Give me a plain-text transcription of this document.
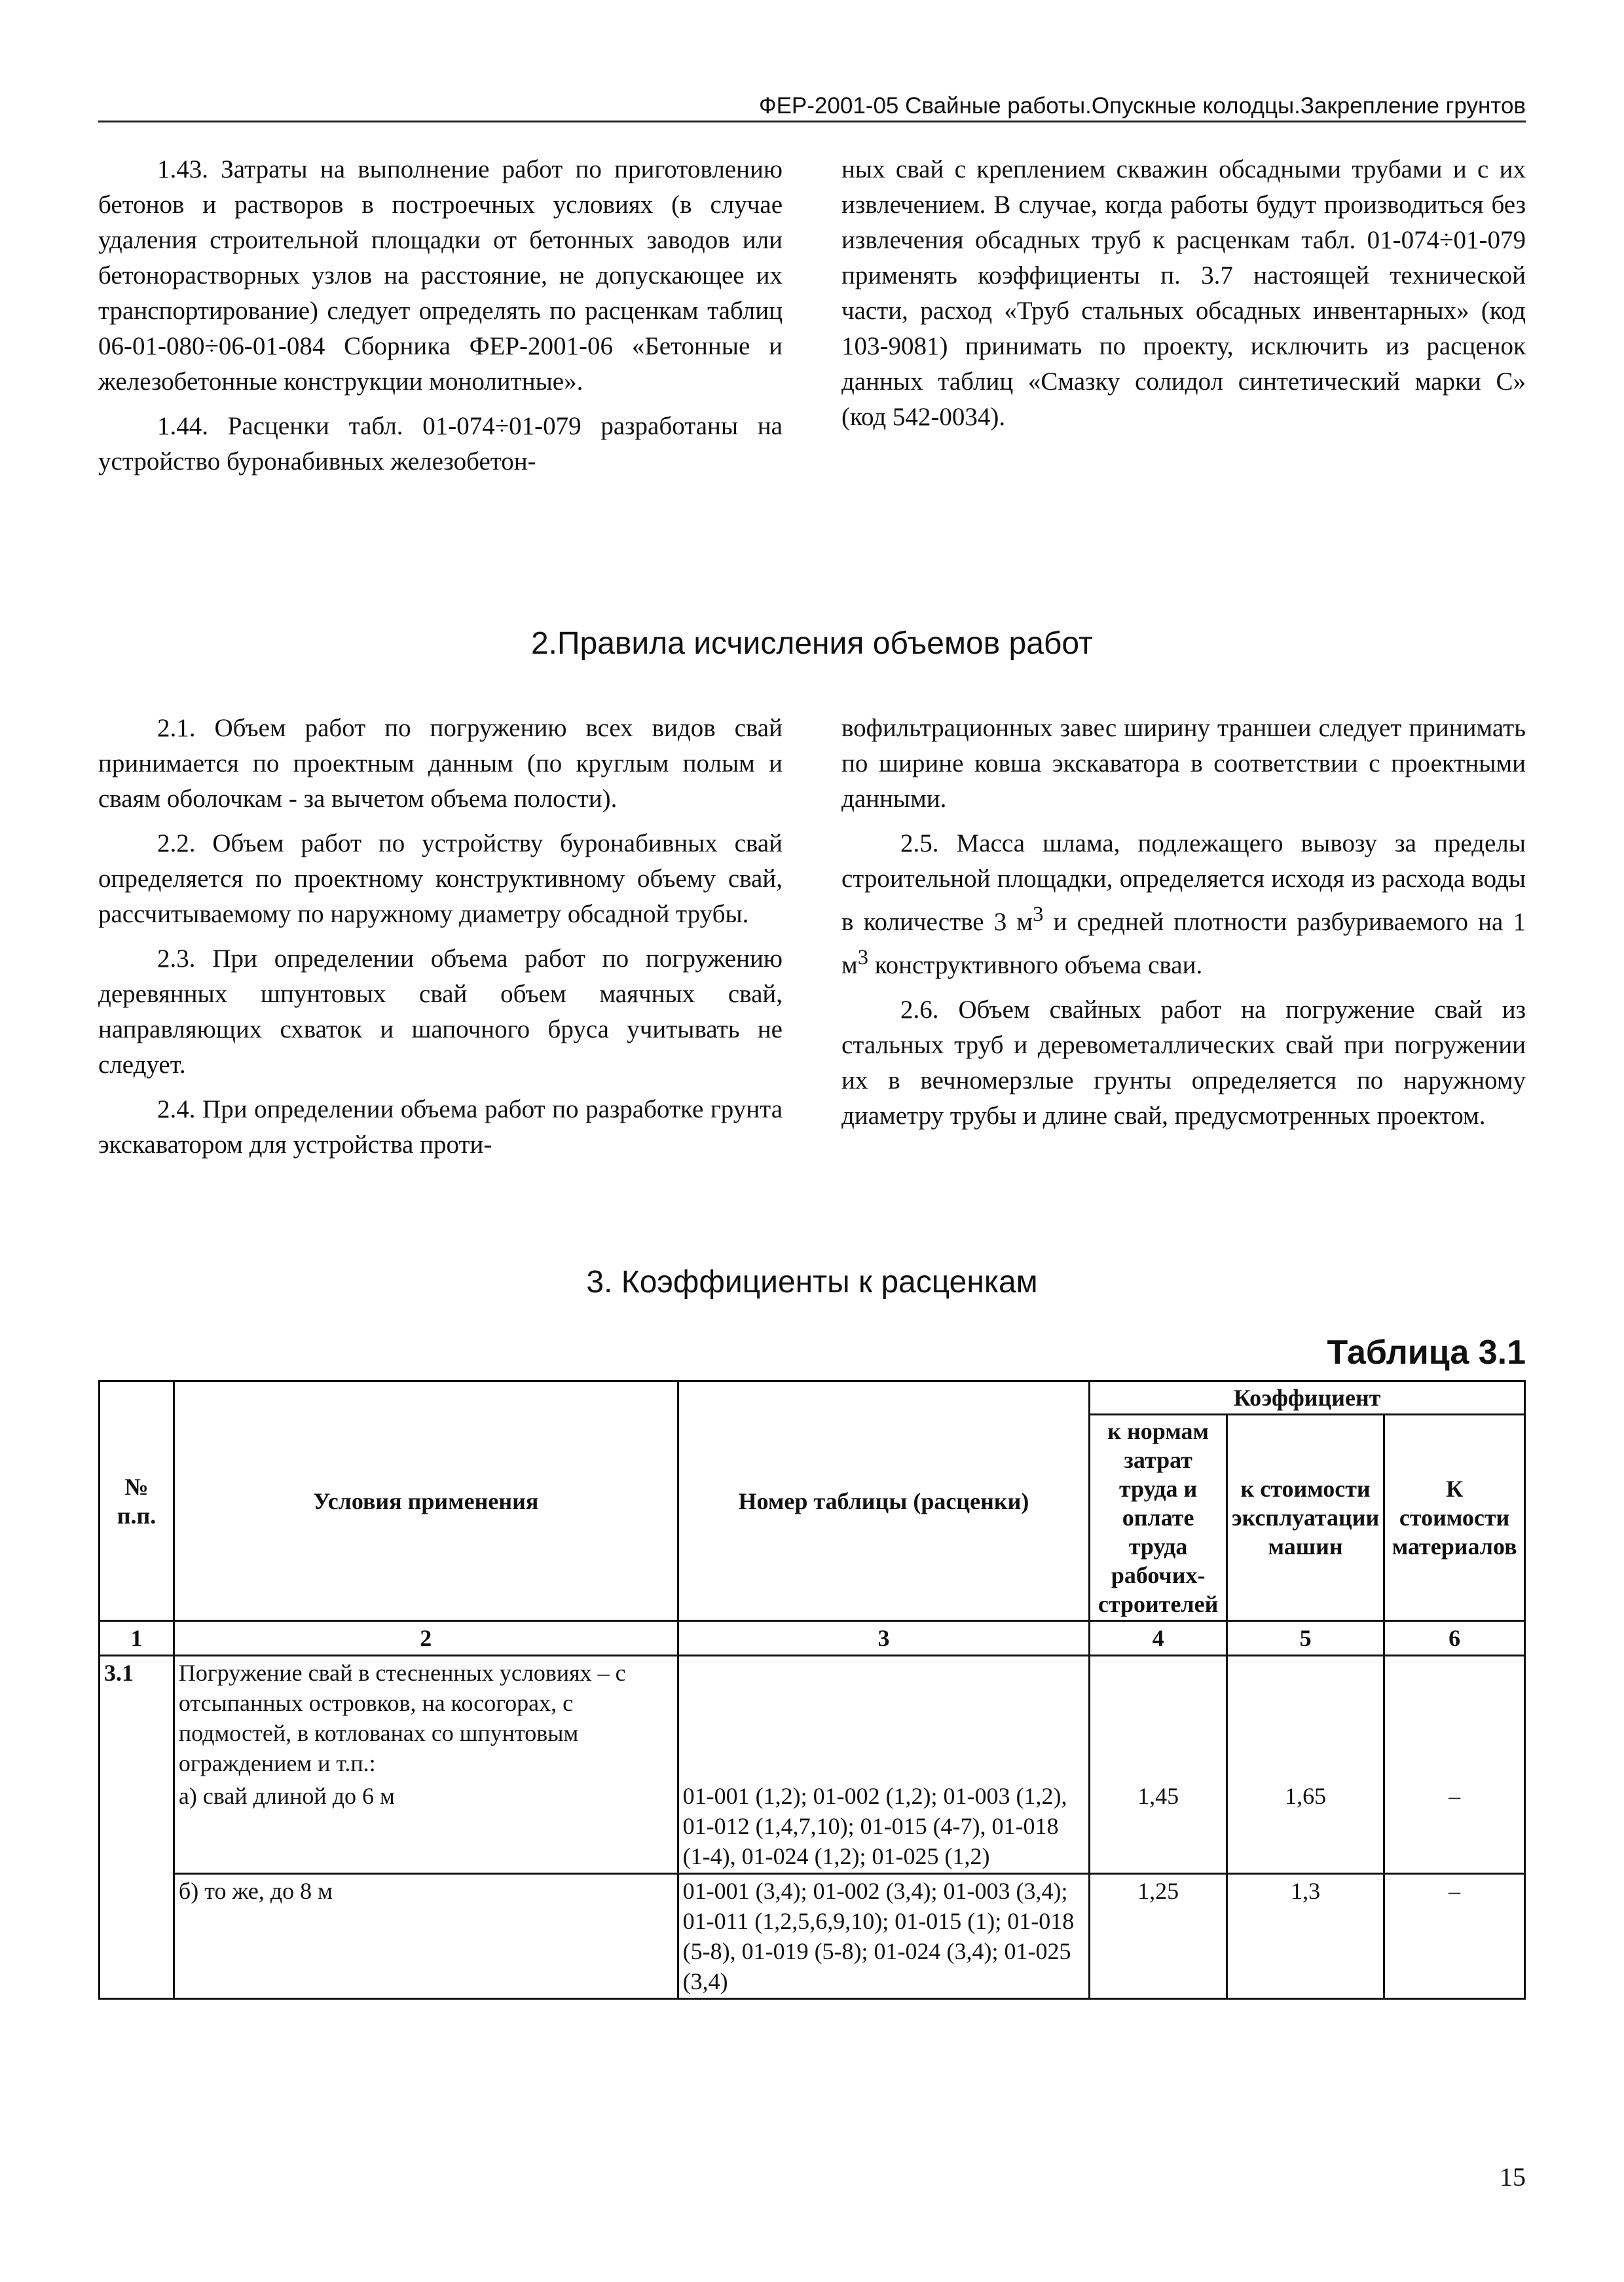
ФЕР-2001-05 Свайные работы.Опускные колодцы.Закрепление грунтов

1.43. Затраты на выполнение работ по приготовлению бетонов и растворов в построечных условиях (в случае удаления строительной площадки от бетонных заводов или бетонорастворных узлов на расстояние, не допускающее их транспортирование) следует определять по расценкам таблиц 06-01-080÷06-01-084 Сборника ФЕР-2001-06 «Бетонные и железобетонные конструкции монолитные».

1.44. Расценки табл. 01-074÷01-079 разработаны на устройство буронабивных железобетон-

ных свай с креплением скважин обсадными трубами и с их извлечением. В случае, когда работы будут производиться без извлечения обсадных труб к расценкам табл. 01-074÷01-079 применять коэффициенты п. 3.7 настоящей технической части, расход «Труб стальных обсадных инвентарных» (код 103-9081) принимать по проекту, исключить из расценок данных таблиц «Смазку солидол синтетический марки С» (код 542-0034).

2.Правила исчисления объемов работ

2.1. Объем работ по погружению всех видов свай принимается по проектным данным (по круглым полым и сваям оболочкам - за вычетом объема полости).

2.2. Объем работ по устройству буронабивных свай определяется по проектному конструктивному объему свай, рассчитываемому по наружному диаметру обсадной трубы.

2.3. При определении объема работ по погружению деревянных шпунтовых свай объем маячных свай, направляющих схваток и шапочного бруса учитывать не следует.

2.4. При определении объема работ по разработке грунта экскаватором для устройства проти-

вофильтрационных завес ширину траншеи следует принимать по ширине ковша экскаватора в соответствии с проектными данными.

2.5. Масса шлама, подлежащего вывозу за пределы строительной площадки, определяется исходя из расхода воды в количестве 3 $м^3$ и средней плотности разбуриваемого на 1 $м^3$ конструктивного объема сваи.

2.6. Объем свайных работ на погружение свай из стальных труб и деревометаллических свай при погружении их в вечномерзлые грунты определяется по наружному диаметру трубы и длине свай, предусмотренных проектом.

3. Коэффициенты к расценкам
Таблица 3.1
№ п.п.	Условия применения	Номер таблицы (расценки)	Коэффициент		
			к нормам затрат труда и оплате труда рабочих-строителей	к стоимости эксплуатации машин	К стоимости материалов
1	2	3	4	5	6
3.1	Погружение свай в стесненных условиях – с отсыпанных островков, на косогорах, с подмостей, в котлованах со шпунтовым ограждением и т.п.:				
	а) свай длиной до 6 м	01-001 (1,2); 01-002 (1,2); 01-003 (1,2), 01-012 (1,4,7,10); 01-015 (4-7), 01-018 (1-4), 01-024 (1,2); 01-025 (1,2)	1,45	1,65	–
	б) то же, до 8 м	01-001 (3,4); 01-002 (3,4); 01-003 (3,4); 01-011 (1,2,5,6,9,10); 01-015 (1); 01-018 (5-8), 01-019 (5-8); 01-024 (3,4); 01-025 (3,4)	1,25	1,3	–
15
